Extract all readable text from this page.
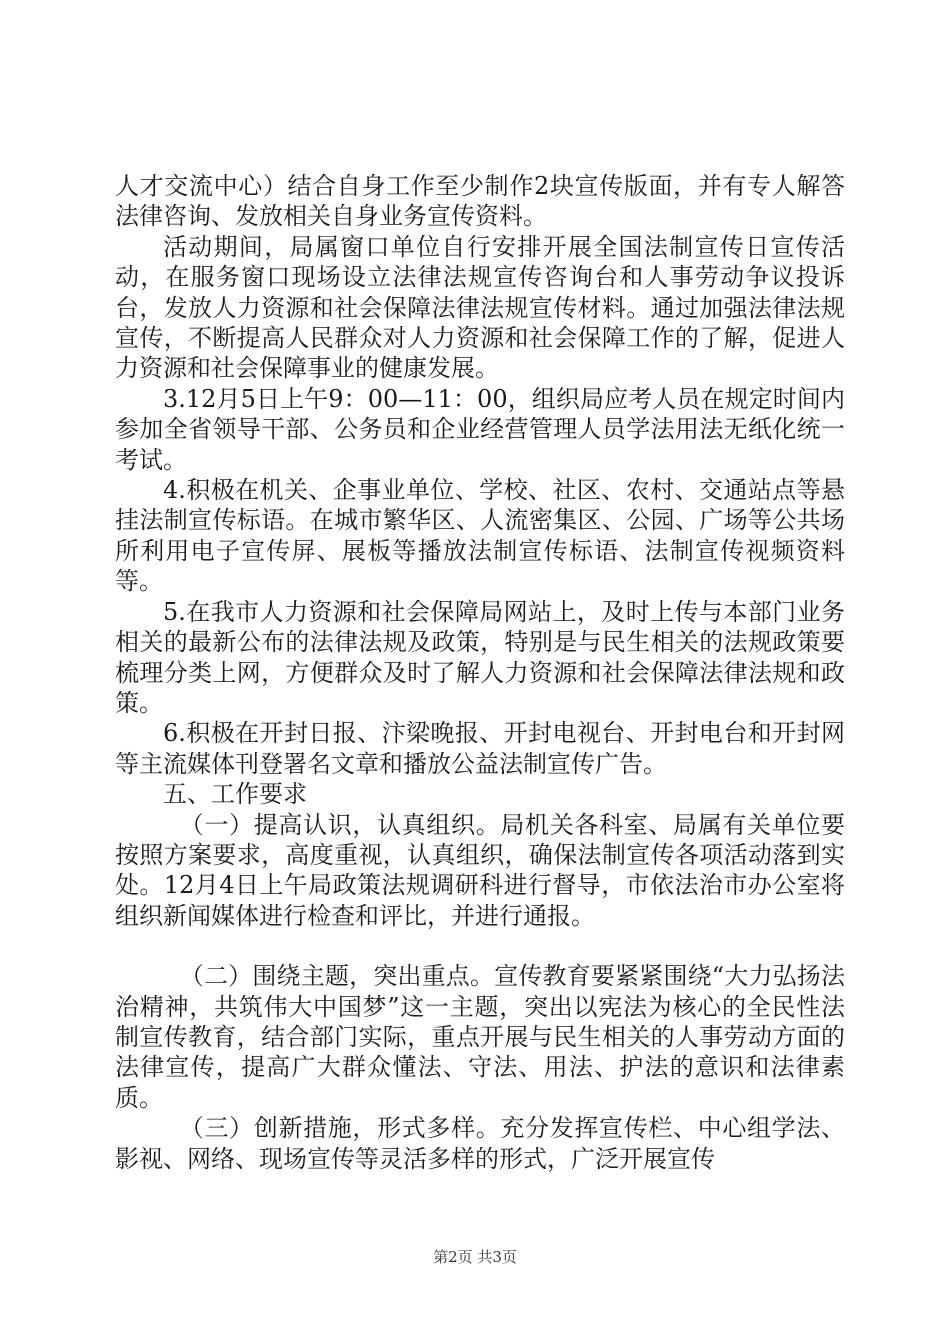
人才交流中心）结合自身工作至少制作2块宣传版面，并有专人解答法律咨询、发放相关自身业务宣传资料。

活动期间，局属窗口单位自行安排开展全国法制宣传日宣传活动，在服务窗口现场设立法律法规宣传咨询台和人事劳动争议投诉台，发放人力资源和社会保障法律法规宣传材料。通过加强法律法规宣传，不断提高人民群众对人力资源和社会保障工作的了解，促进人力资源和社会保障事业的健康发展。

3.12月5日上午9：00—11：00，组织局应考人员在规定时间内参加全省领导干部、公务员和企业经营管理人员学法用法无纸化统一考试。

4.积极在机关、企事业单位、学校、社区、农村、交通站点等悬挂法制宣传标语。在城市繁华区、人流密集区、公园、广场等公共场所利用电子宣传屏、展板等播放法制宣传标语、法制宣传视频资料等。

5.在我市人力资源和社会保障局网站上，及时上传与本部门业务相关的最新公布的法律法规及政策，特别是与民生相关的法规政策要梳理分类上网，方便群众及时了解人力资源和社会保障法律法规和政策。

6.积极在开封日报、汴梁晚报、开封电视台、开封电台和开封网等主流媒体刊登署名文章和播放公益法制宣传广告。

五、工作要求

（一）提高认识，认真组织。局机关各科室、局属有关单位要按照方案要求，高度重视，认真组织，确保法制宣传各项活动落到实处。12月4日上午局政策法规调研科进行督导，市依法治市办公室将组织新闻媒体进行检查和评比，并进行通报。

（二）围绕主题，突出重点。宣传教育要紧紧围绕“大力弘扬法治精神，共筑伟大中国梦”这一主题，突出以宪法为核心的全民性法制宣传教育，结合部门实际，重点开展与民生相关的人事劳动方面的法律宣传，提高广大群众懂法、守法、用法、护法的意识和法律素质。

（三）创新措施，形式多样。充分发挥宣传栏、中心组学法、影视、网络、现场宣传等灵活多样的形式，广泛开展宣传

第2页 共3页
